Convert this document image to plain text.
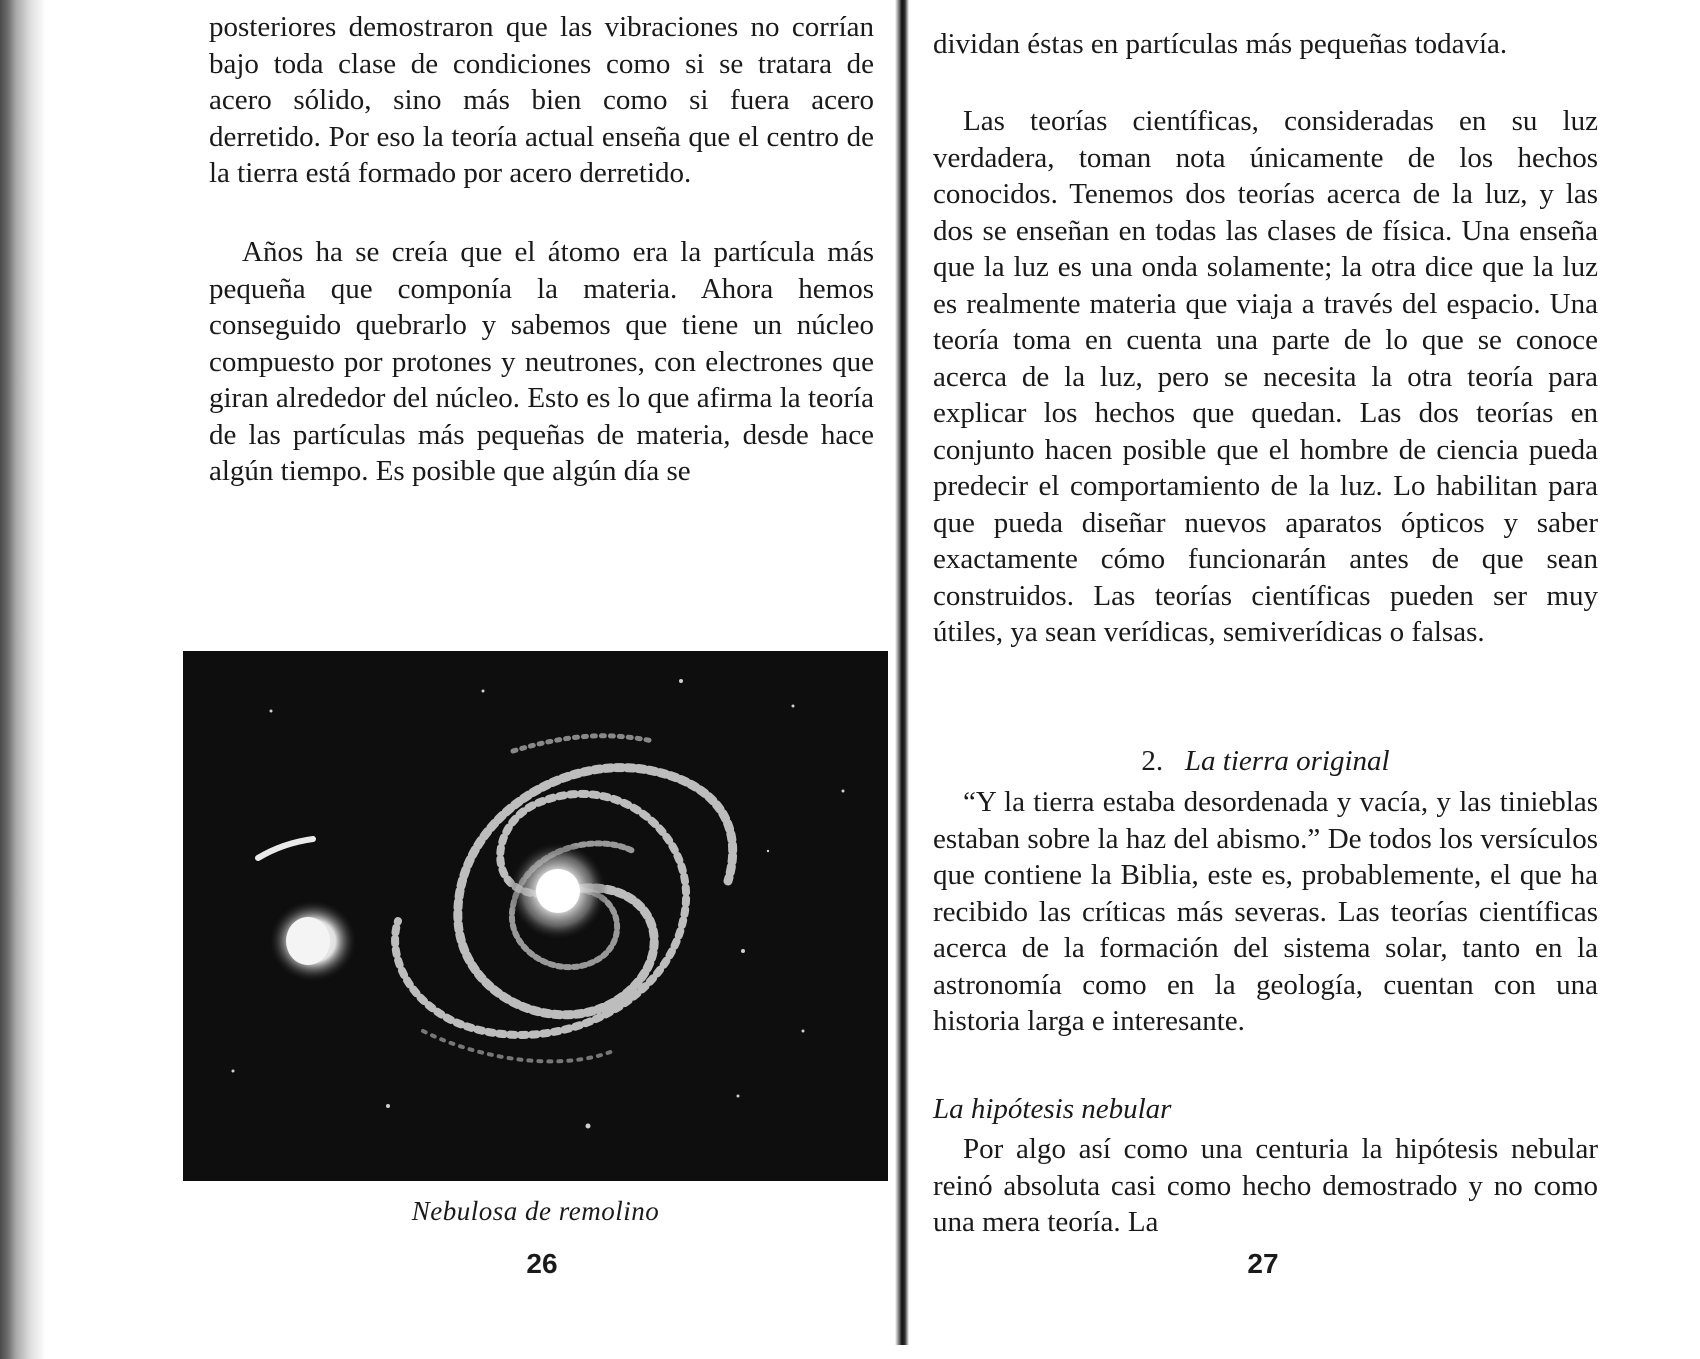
posteriores demostraron que las vibraciones no corrían bajo toda clase de condiciones como si se tratara de acero sólido, sino más bien como si fuera acero derretido. Por eso la teoría actual enseña que el centro de la tierra está formado por acero derretido.

Años ha se creía que el átomo era la partícula más pequeña que componía la materia. Ahora hemos conseguido quebrarlo y sabemos que tiene un núcleo compuesto por protones y neutrones, con electrones que giran alrededor del núcleo. Esto es lo que afirma la teoría de las partículas más pequeñas de materia, desde hace algún tiempo. Es posible que algún día se

Nebulosa de remolino
26

dividan éstas en partículas más pequeñas todavía.

Las teorías científicas, consideradas en su luz verdadera, toman nota únicamente de los hechos conocidos. Tenemos dos teorías acerca de la luz, y las dos se enseñan en todas las clases de física. Una enseña que la luz es una onda solamente; la otra dice que la luz es realmente materia que viaja a través del espacio. Una teoría toma en cuenta una parte de lo que se conoce acerca de la luz, pero se necesita la otra teoría para explicar los hechos que quedan. Las dos teorías en conjunto hacen posible que el hombre de ciencia pueda predecir el comportamiento de la luz. Lo habilitan para que pueda diseñar nuevos aparatos ópticos y saber exactamente cómo funcionarán antes de que sean construidos. Las teorías científicas pueden ser muy útiles, ya sean verídicas, semiverídicas o falsas.

2. La tierra original

“Y la tierra estaba desordenada y vacía, y las tinieblas estaban sobre la haz del abismo.” De todos los versículos que contiene la Biblia, este es, probablemente, el que ha recibido las críticas más severas. Las teorías científicas acerca de la formación del sistema solar, tanto en la astronomía como en la geología, cuentan con una historia larga e interesante.

La hipótesis nebular

Por algo así como una centuria la hipótesis nebular reinó absoluta casi como hecho demostrado y no como una mera teoría. La

27
